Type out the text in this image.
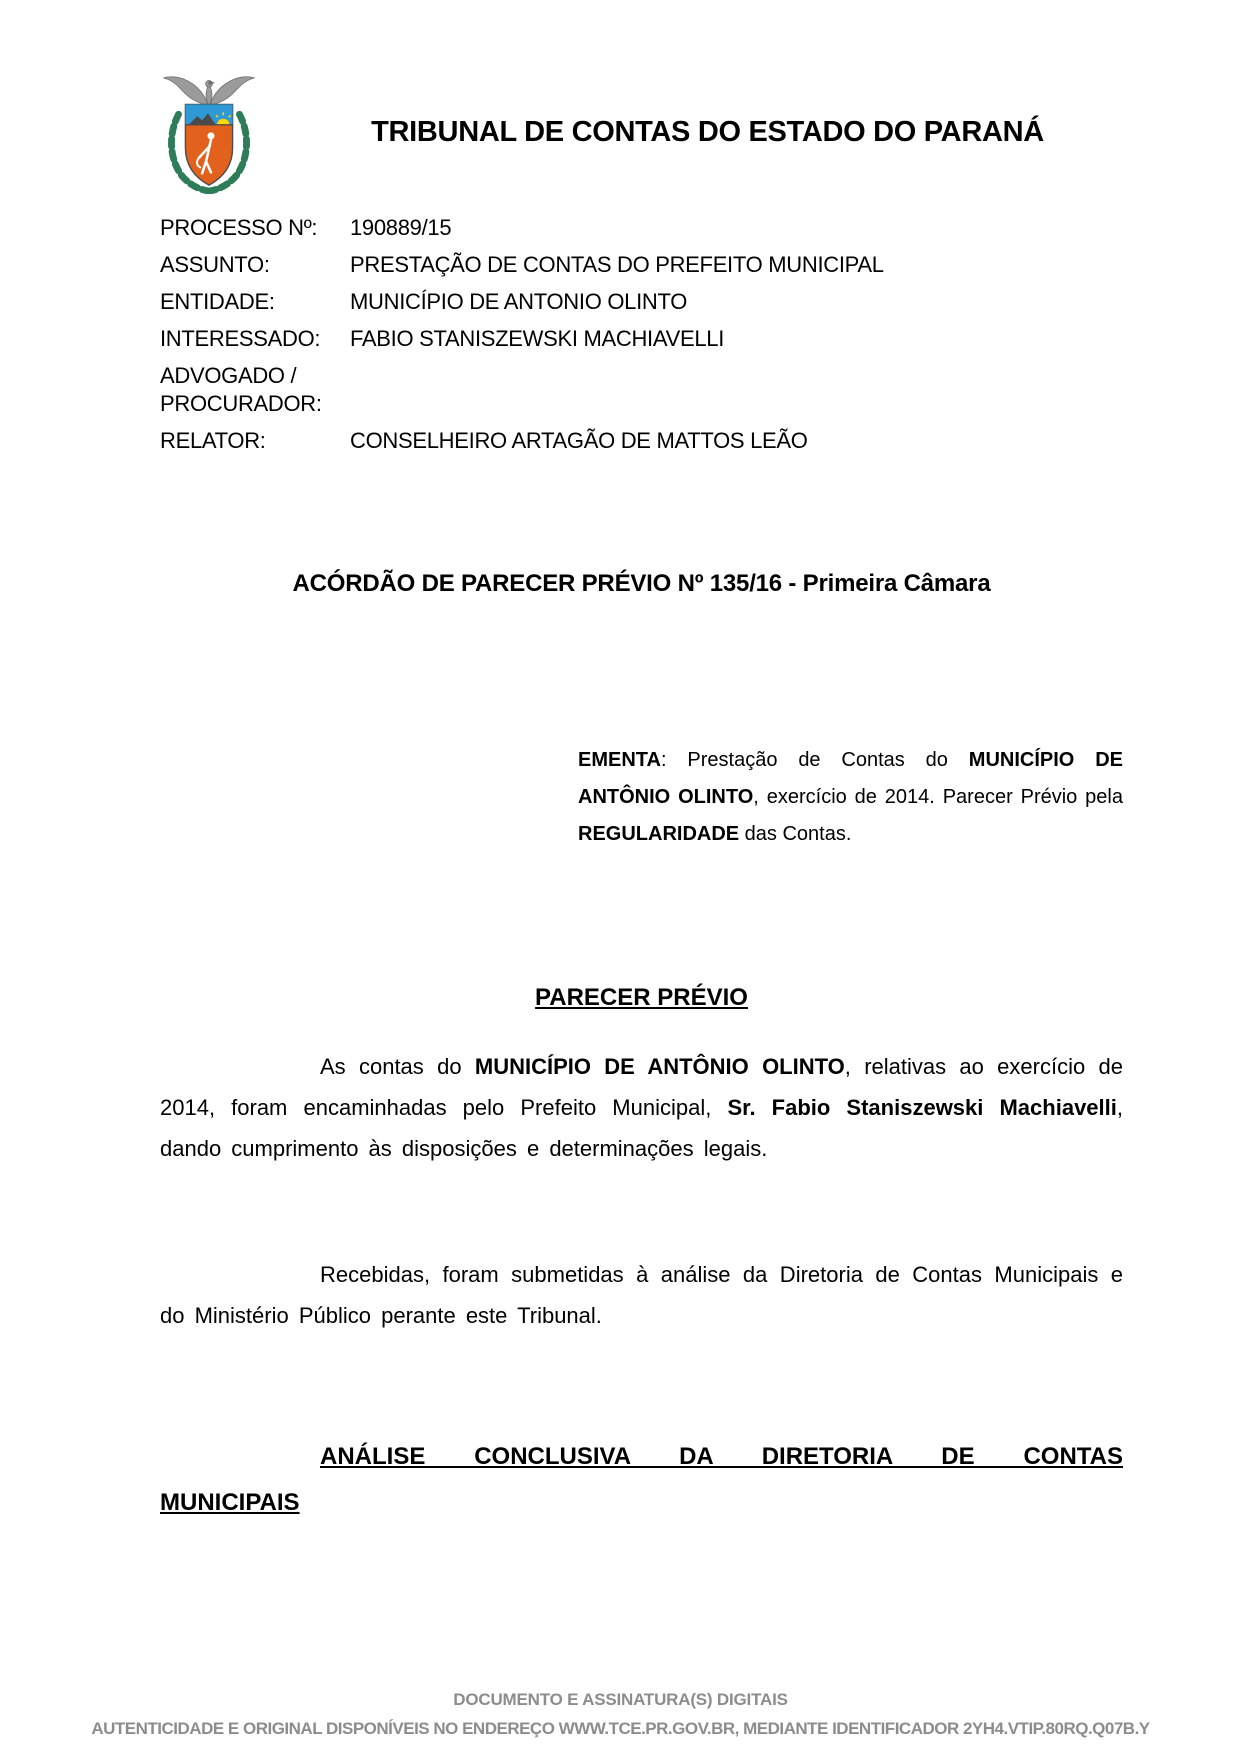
TRIBUNAL DE CONTAS DO ESTADO DO PARANÁ
PROCESSO Nº:	190889/15
ASSUNTO:	PRESTAÇÃO DE CONTAS DO PREFEITO MUNICIPAL
ENTIDADE:	MUNICÍPIO DE ANTONIO OLINTO
INTERESSADO:	FABIO STANISZEWSKI MACHIAVELLI
ADVOGADO / PROCURADOR:
RELATOR:	CONSELHEIRO ARTAGÃO DE MATTOS LEÃO
ACÓRDÃO DE PARECER PRÉVIO Nº 135/16 - Primeira Câmara
EMENTA: Prestação de Contas do MUNICÍPIO DE ANTÔNIO OLINTO, exercício de 2014. Parecer Prévio pela REGULARIDADE das Contas.
PARECER PRÉVIO
As contas do MUNICÍPIO DE ANTÔNIO OLINTO, relativas ao exercício de 2014, foram encaminhadas pelo Prefeito Municipal, Sr. Fabio Staniszewski Machiavelli, dando cumprimento às disposições e determinações legais.
Recebidas, foram submetidas à análise da Diretoria de Contas Municipais e do Ministério Público perante este Tribunal.
ANÁLISE CONCLUSIVA DA DIRETORIA DE CONTAS
MUNICIPAIS
DOCUMENTO E ASSINATURA(S) DIGITAIS
AUTENTICIDADE E ORIGINAL DISPONÍVEIS NO ENDEREÇO WWW.TCE.PR.GOV.BR, MEDIANTE IDENTIFICADOR 2YH4.VTIP.80RQ.Q07B.Y
